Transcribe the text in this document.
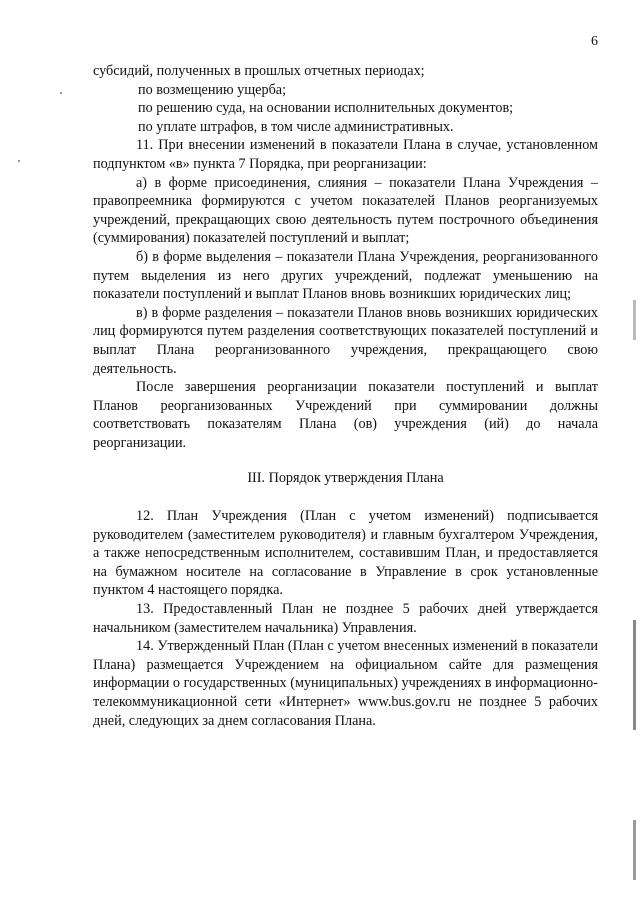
6

субсидий, полученных в прошлых отчетных периодах;

по возмещению ущерба;

по решению суда, на основании исполнительных документов;

по уплате штрафов, в том числе административных.

11. При внесении изменений в показатели Плана в случае, установленном подпунктом «в» пункта 7 Порядка, при реорганизации:

а) в форме присоединения, слияния – показатели Плана Учреждения – правопреемника формируются с учетом показателей Планов реорганизуемых учреждений, прекращающих свою деятельность путем построчного объединения (суммирования) показателей поступлений и выплат;

б) в форме выделения – показатели Плана Учреждения, реорганизованного путем выделения из него других учреждений, подлежат уменьшению на показатели поступлений и выплат Планов вновь возникших юридических лиц;

в) в форме разделения – показатели Планов вновь возникших юридических лиц формируются путем разделения соответствующих показателей поступлений и выплат Плана реорганизованного учреждения, прекращающего свою деятельность.

После завершения реорганизации показатели поступлений и выплат Планов реорганизованных Учреждений при суммировании должны соответствовать показателям Плана (ов) учреждения (ий) до начала реорганизации.

III. Порядок утверждения Плана

12. План Учреждения (План с учетом изменений) подписывается руководителем (заместителем руководителя) и главным бухгалтером Учреждения, а также непосредственным исполнителем, составившим План, и предоставляется на бумажном носителе на согласование в Управление в срок установленные пунктом 4 настоящего порядка.

13. Предоставленный План не позднее 5 рабочих дней утверждается начальником (заместителем начальника) Управления.

14. Утвержденный План (План с учетом внесенных изменений в показатели Плана) размещается Учреждением на официальном сайте для размещения информации о государственных (муниципальных) учреждениях в информационно-телекоммуникационной сети «Интернет» www.bus.gov.ru не позднее 5 рабочих дней, следующих за днем согласования Плана.
